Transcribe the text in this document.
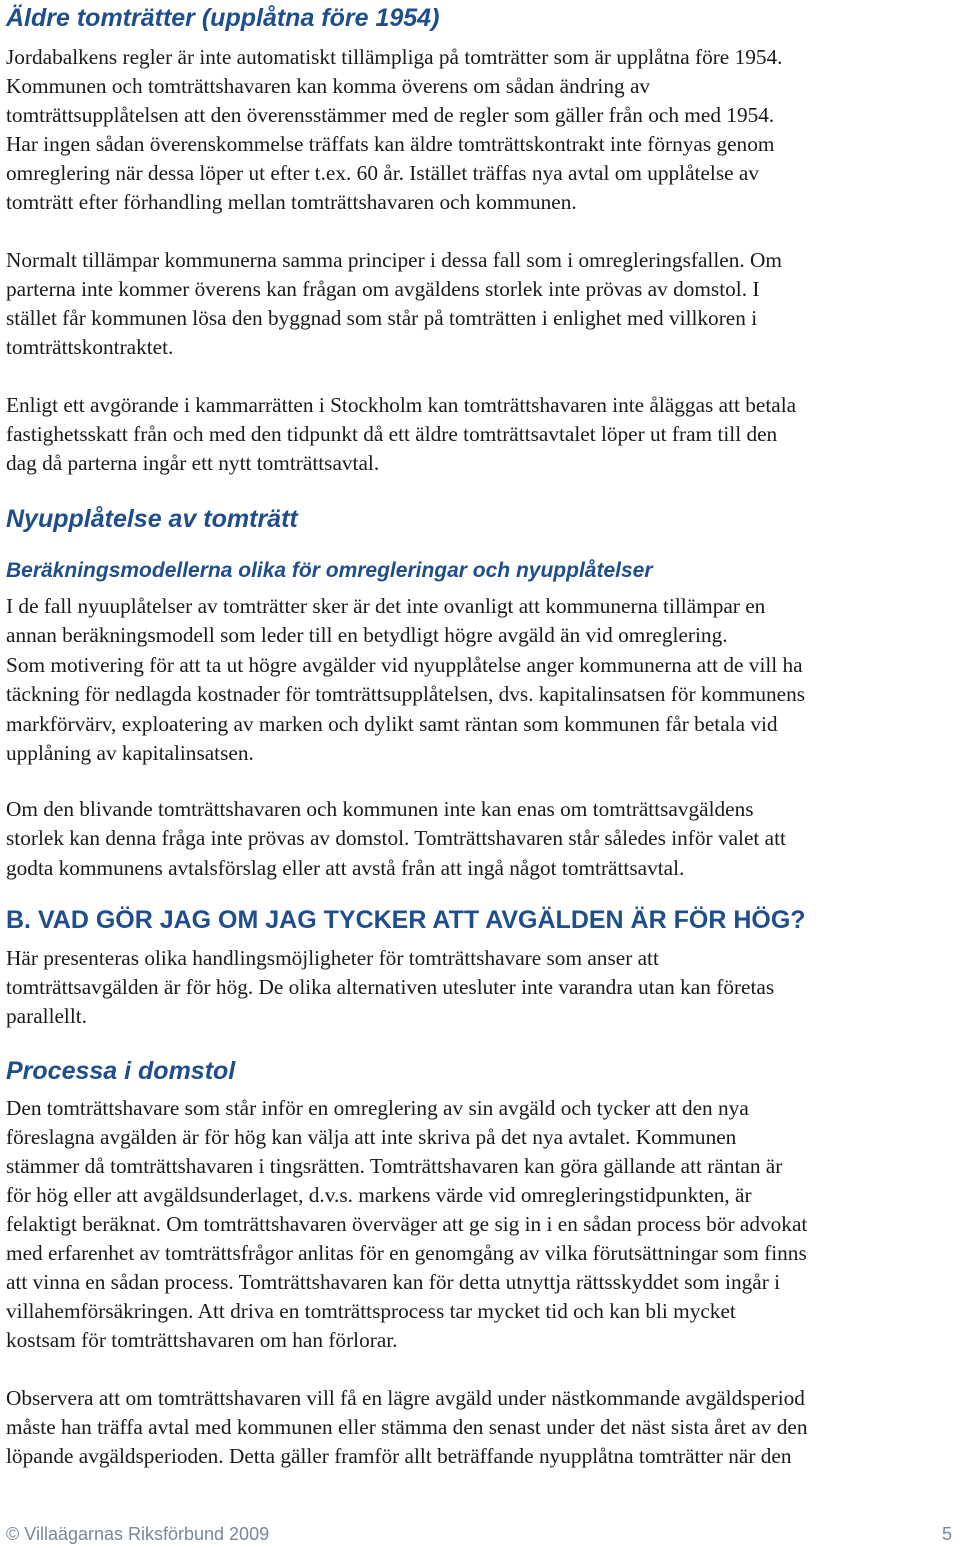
Äldre tomträtter (upplåtna före 1954)

Jordabalkens regler är inte automatiskt tillämpliga på tomträtter som är upplåtna före 1954.
Kommunen och tomträttshavaren kan komma överens om sådan ändring av
tomträttsupplåtelsen att den överensstämmer med de regler som gäller från och med 1954.
Har ingen sådan överenskommelse träffats kan äldre tomträttskontrakt inte förnyas genom
omreglering när dessa löper ut efter t.ex. 60 år. Istället träffas nya avtal om upplåtelse av
tomträtt efter förhandling mellan tomträttshavaren och kommunen.

Normalt tillämpar kommunerna samma principer i dessa fall som i omregleringsfallen. Om
parterna inte kommer överens kan frågan om avgäldens storlek inte prövas av domstol. I
stället får kommunen lösa den byggnad som står på tomträtten i enlighet med villkoren i
tomträttskontraktet.

Enligt ett avgörande i kammarrätten i Stockholm kan tomträttshavaren inte åläggas att betala
fastighetsskatt från och med den tidpunkt då ett äldre tomträttsavtalet löper ut fram till den
dag då parterna ingår ett nytt tomträttsavtal.

Nyupplåtelse av tomträtt
Beräkningsmodellerna olika för omregleringar och nyupplåtelser

I de fall nyuuplåtelser av tomträtter sker är det inte ovanligt att kommunerna tillämpar en
annan beräkningsmodell som leder till en betydligt högre avgäld än vid omreglering.
Som motivering för att ta ut högre avgälder vid nyupplåtelse anger kommunerna att de vill ha
täckning för nedlagda kostnader för tomträttsupplåtelsen, dvs. kapitalinsatsen för kommunens
markförvärv, exploatering av marken och dylikt samt räntan som kommunen får betala vid
upplåning av kapitalinsatsen.

Om den blivande tomträttshavaren och kommunen inte kan enas om tomträttsavgäldens
storlek kan denna fråga inte prövas av domstol. Tomträttshavaren står således inför valet att
godta kommunens avtalsförslag eller att avstå från att ingå något tomträttsavtal.

B. VAD GÖR JAG OM JAG TYCKER ATT AVGÄLDEN ÄR FÖR HÖG?

Här presenteras olika handlingsmöjligheter för tomträttshavare som anser att
tomträttsavgälden är för hög. De olika alternativen utesluter inte varandra utan kan företas
parallellt.

Processa i domstol

Den tomträttshavare som står inför en omreglering av sin avgäld och tycker att den nya
föreslagna avgälden är för hög kan välja att inte skriva på det nya avtalet. Kommunen
stämmer då tomträttshavaren i tingsrätten. Tomträttshavaren kan göra gällande att räntan är
för hög eller att avgäldsunderlaget, d.v.s. markens värde vid omregleringstidpunkten, är
felaktigt beräknat. Om tomträttshavaren överväger att ge sig in i en sådan process bör advokat
med erfarenhet av tomträttsfrågor anlitas för en genomgång av vilka förutsättningar som finns
att vinna en sådan process. Tomträttshavaren kan för detta utnyttja rättsskyddet som ingår i
villahemförsäkringen. Att driva en tomträttsprocess tar mycket tid och kan bli mycket
kostsam för tomträttshavaren om han förlorar.

Observera att om tomträttshavaren vill få en lägre avgäld under nästkommande avgäldsperiod
måste han träffa avtal med kommunen eller stämma den senast under det näst sista året av den
löpande avgäldsperioden. Detta gäller framför allt beträffande nyupplåtna tomträtter när den

© Villaägarnas Riksförbund 2009	5
